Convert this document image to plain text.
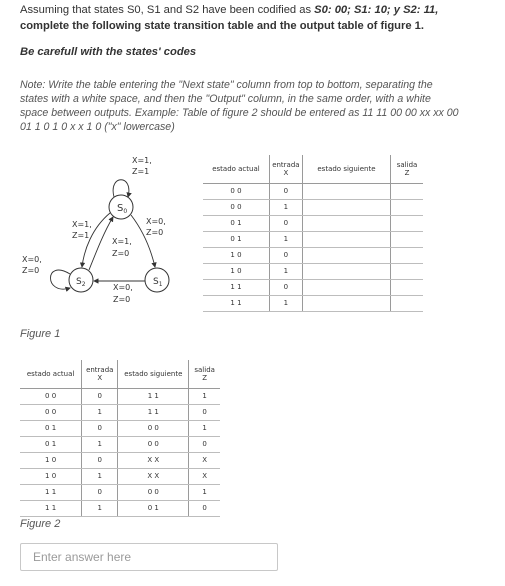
Assuming that states S0, S1 and S2 have been codified as S0: 00; S1: 10; y S2: 11,
complete the following state transition table and the output table of figure 1.
Be carefull with the states' codes
Note: Write the table entering the "Next state" column from top to bottom, separating the states with a white space, and then the "Output" column, in the same order, with a white space between outputs. Example: Table of figure 2 should be entered as 11 11 00 00 xx xx 00 01 1 0 1 0 x x 1 0 ("x" lowercase)
$S_0$
$S_1$
$S_2$
X=1,
Z=1
X=1,
Z=1
X=0,
Z=0
X=1,
Z=0
X=0,
Z=0
X=0,
Z=0
estado actual	entrada
X	estado siguiente	salida
Z

0 0	0		
0 0	1		
0 1	0		
0 1	1		
1 0	0		
1 0	1		
1 1	0		
1 1	1		
Figure 1
estado actual	entrada
X	estado siguiente	salida
Z

0 0	0	1 1	1
0 0	1	1 1	0
0 1	0	0 0	1
0 1	1	0 0	0
1 0	0	X X	X
1 0	1	X X	X
1 1	0	0 0	1
1 1	1	0 1	0
Figure 2
Enter answer here
